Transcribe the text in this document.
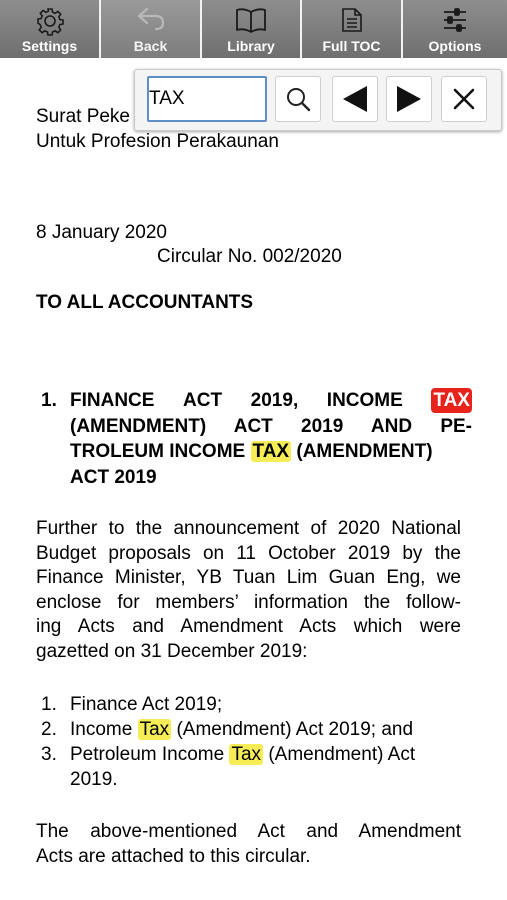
Settings	Back	Library	Full TOC	Options
Surat Peke
Untuk Profesion Perakaunan
8 January 2020
Circular No. 002/2020
TO ALL ACCOUNTANTS
1. FINANCE ACT 2019, INCOME TAX
(AMENDMENT)  ACT  2019  AND  PE-
TROLEUM INCOME TAX (AMENDMENT)
ACT 2019
Further to the announcement of 2020 National
Budget proposals on 11 October 2019 by the
Finance Minister, YB Tuan Lim Guan Eng, we
enclose for members’ information the follow-
ing Acts and Amendment Acts which were
gazetted on 31 December 2019:
1. Finance Act 2019;
2. Income Tax (Amendment) Act 2019; and
3. Petroleum Income Tax (Amendment) Act
2019.
The  above-mentioned  Act  and  Amendment
Acts are attached to this circular.
TAX
